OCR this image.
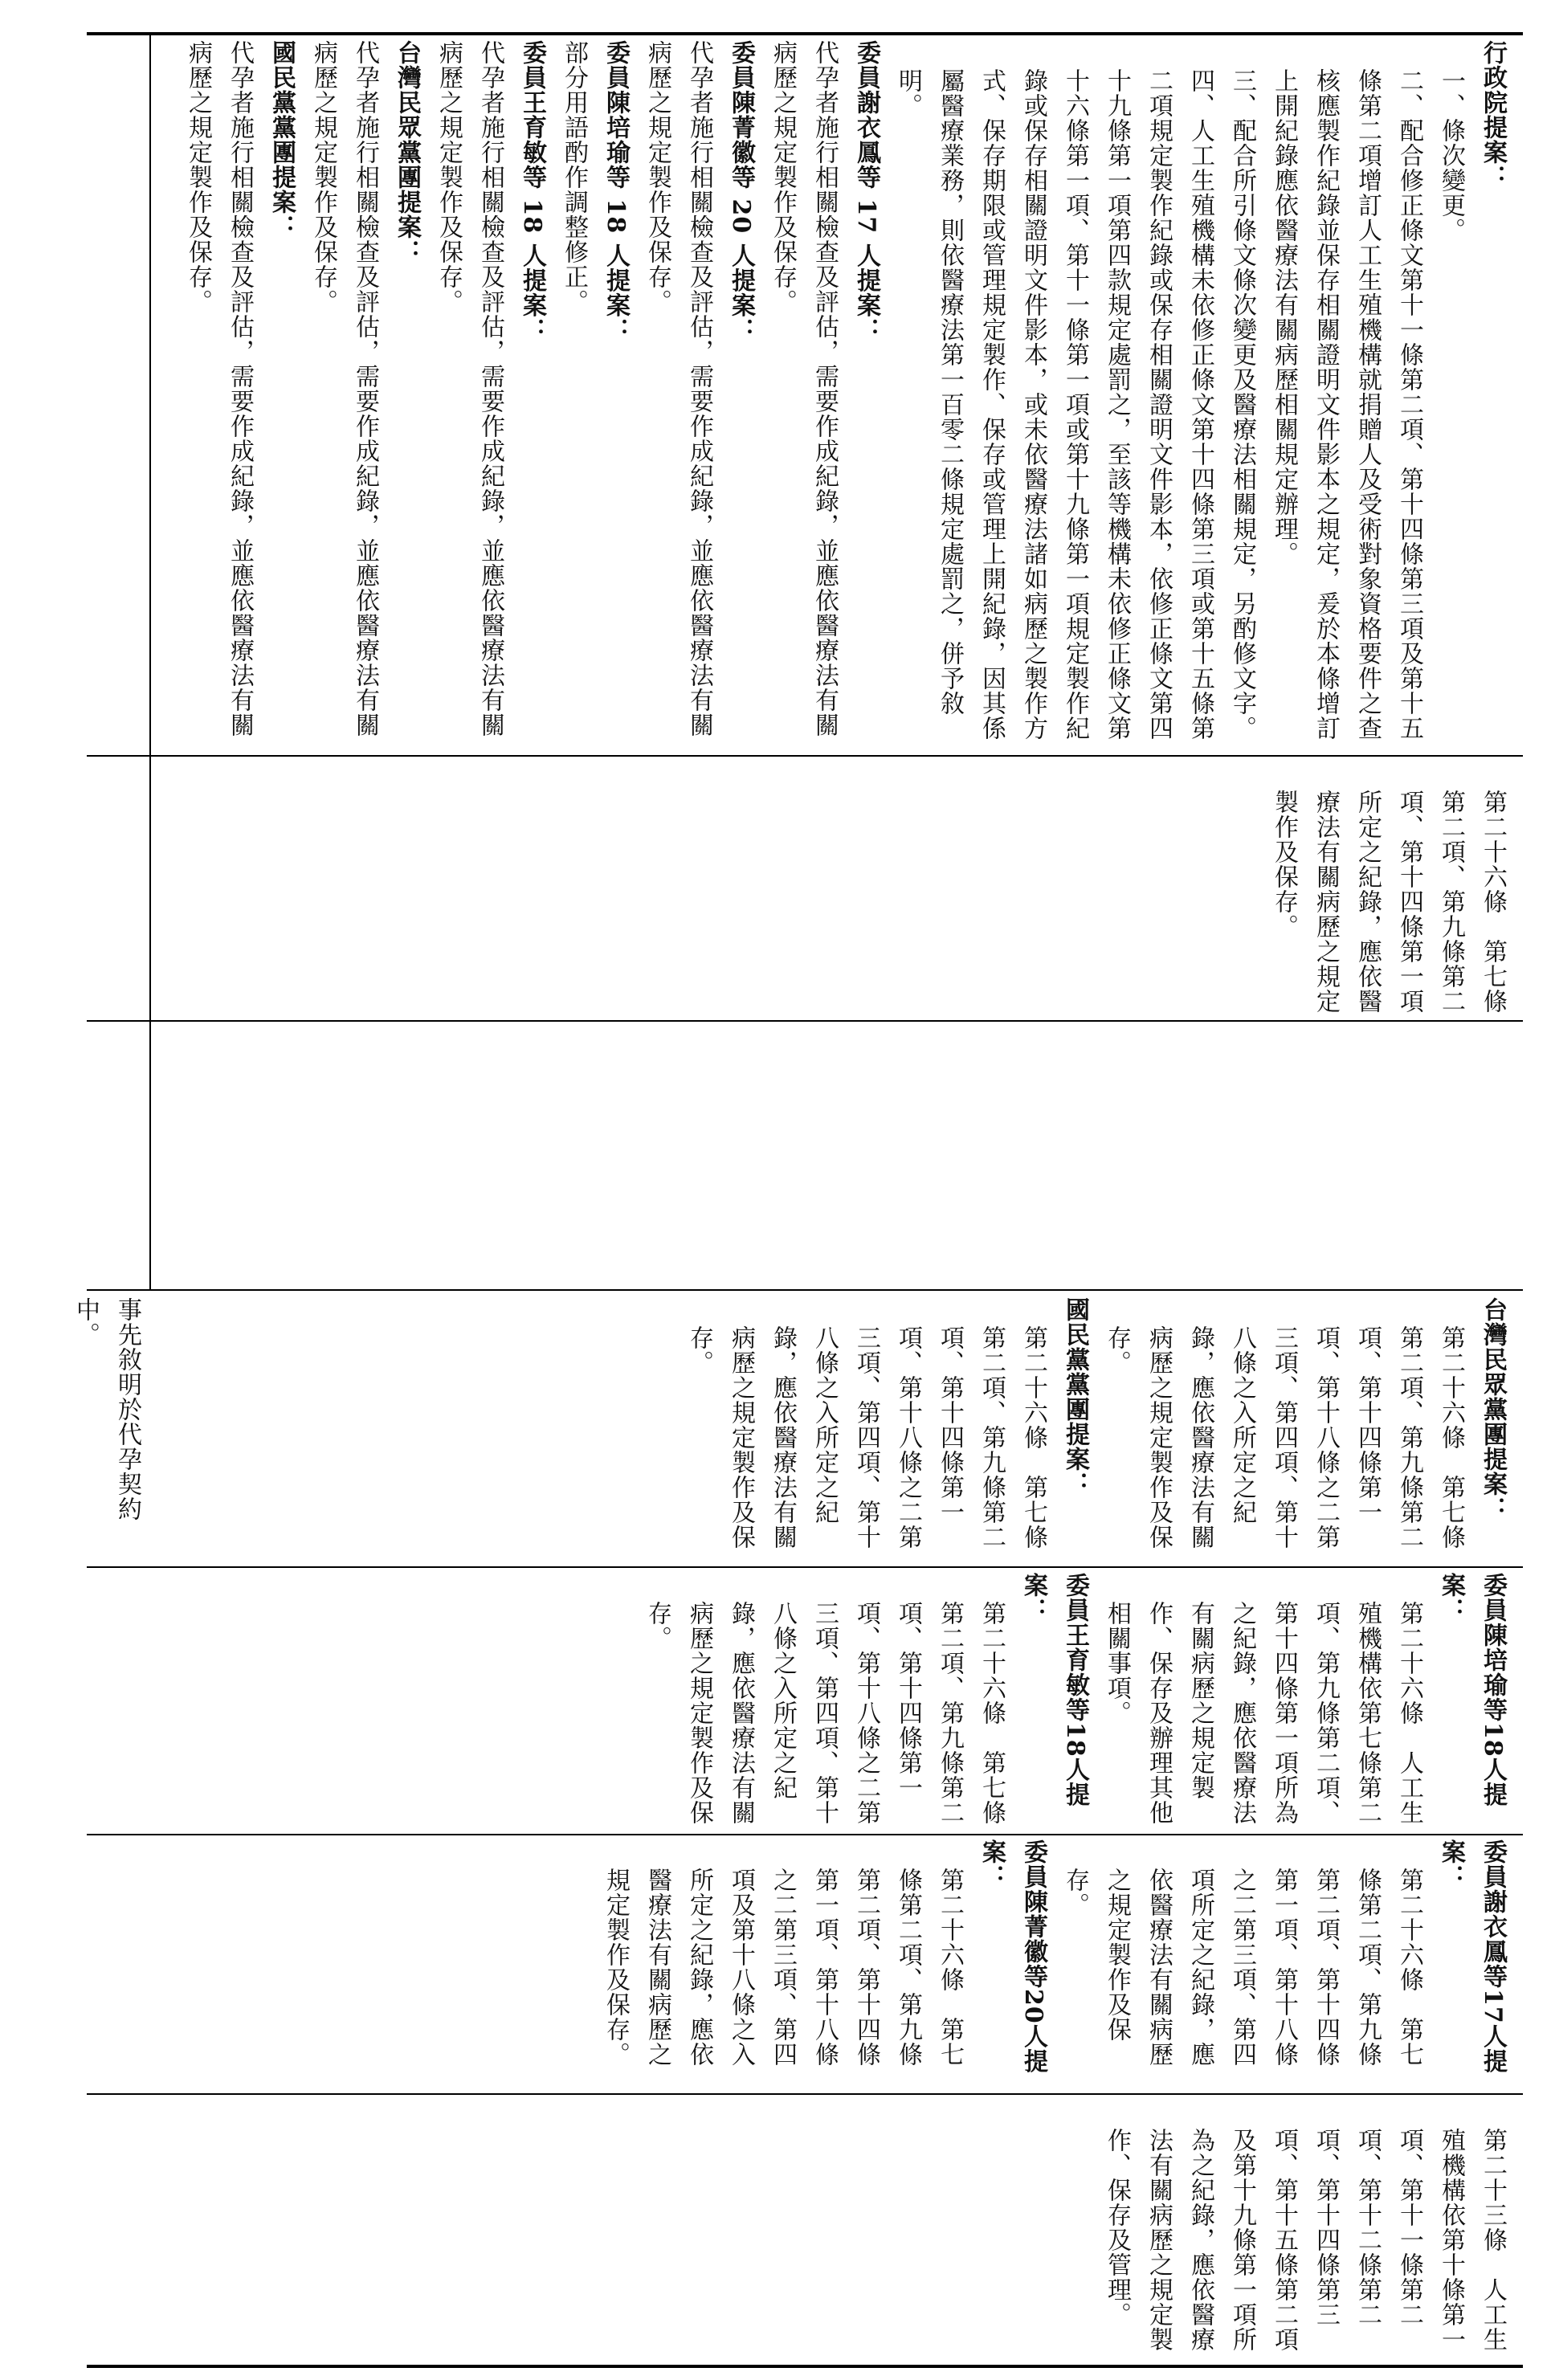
事先敘明於代孕契約中。

第二十三條　人工生殖機構依第十條第一項、第十一條第二項、第十二條第二項、第十四條第三項、第十五條第二項及第十九條第一項所為之紀錄，應依醫療法有關病歷之規定製作、保存及管理。

委員謝衣鳳等17人提案：

第二十六條　第七條第二項、第九條第二項、第十四條第一項、第十八條之二第三項、第四項所定之紀錄，應依醫療法有關病歷之規定製作及保存。

委員陳菁徽等20人提案：

第二十六條　第七條第二項、第九條第二項、第十四條第一項、第十八條之二第三項、第四項及第十八條之入所定之紀錄，應依醫療法有關病歷之規定製作及保存。

委員陳培瑜等18人提案：

第二十六條　人工生殖機構依第七條第二項、第九條第二項、第十四條第一項所為之紀錄，應依醫療法有關病歷之規定製作、保存及辦理其他相關事項。

委員王育敏等18人提案：

第二十六條　第七條第二項、第九條第二項、第十四條第一項、第十八條之二第三項、第四項、第十八條之入所定之紀錄，應依醫療法有關病歷之規定製作及保存。

台灣民眾黨團提案：

第二十六條　第七條第二項、第九條第二項、第十四條第一項、第十八條之二第三項、第四項、第十八條之入所定之紀錄，應依醫療法有關病歷之規定製作及保存。

國民黨黨團提案：

第二十六條　第七條第二項、第九條第二項、第十四條第一項、第十八條之二第三項、第四項、第十八條之入所定之紀錄，應依醫療法有關病歷之規定製作及保存。

第二十六條　第七條第二項、第九條第二項、第十四條第一項所定之紀錄，應依醫療法有關病歷之規定製作及保存。

行政院提案：

一、條次變更。

二、配合修正條文第十一條第二項、第十四條第三項及第十五條第二項增訂人工生殖機構就捐贈人及受術對象資格要件之查核應製作紀錄並保存相關證明文件影本之規定，爰於本條增訂上開紀錄應依醫療法有關病歷相關規定辦理。

三、配合所引條文條次變更及醫療法相關規定，另酌修文字。

四、人工生殖機構未依修正條文第十四條第三項或第十五條第二項規定製作紀錄或保存相關證明文件影本，依修正條文第四十九條第一項第四款規定處罰之，至該等機構未依修正條文第十六條第一項、第十一條第一項或第十九條第一項規定製作紀錄或保存相關證明文件影本，或未依醫療法諸如病歷之製作方式、保存期限或管理規定製作、保存或管理上開紀錄，因其係屬醫療業務，則依醫療法第一百零二條規定處罰之，併予敘明。

委員謝衣鳳等 17 人提案：

代孕者施行相關檢查及評估，需要作成紀錄，並應依醫療法有關病歷之規定製作及保存。

委員陳菁徽等 20 人提案：

代孕者施行相關檢查及評估，需要作成紀錄，並應依醫療法有關病歷之規定製作及保存。

委員陳培瑜等 18 人提案：

部分用語酌作調整修正。

委員王育敏等 18 人提案：

代孕者施行相關檢查及評估，需要作成紀錄，並應依醫療法有關病歷之規定製作及保存。

台灣民眾黨團提案：

代孕者施行相關檢查及評估，需要作成紀錄，並應依醫療法有關病歷之規定製作及保存。

國民黨黨團提案：

代孕者施行相關檢查及評估，需要作成紀錄，並應依醫療法有關病歷之規定製作及保存。
